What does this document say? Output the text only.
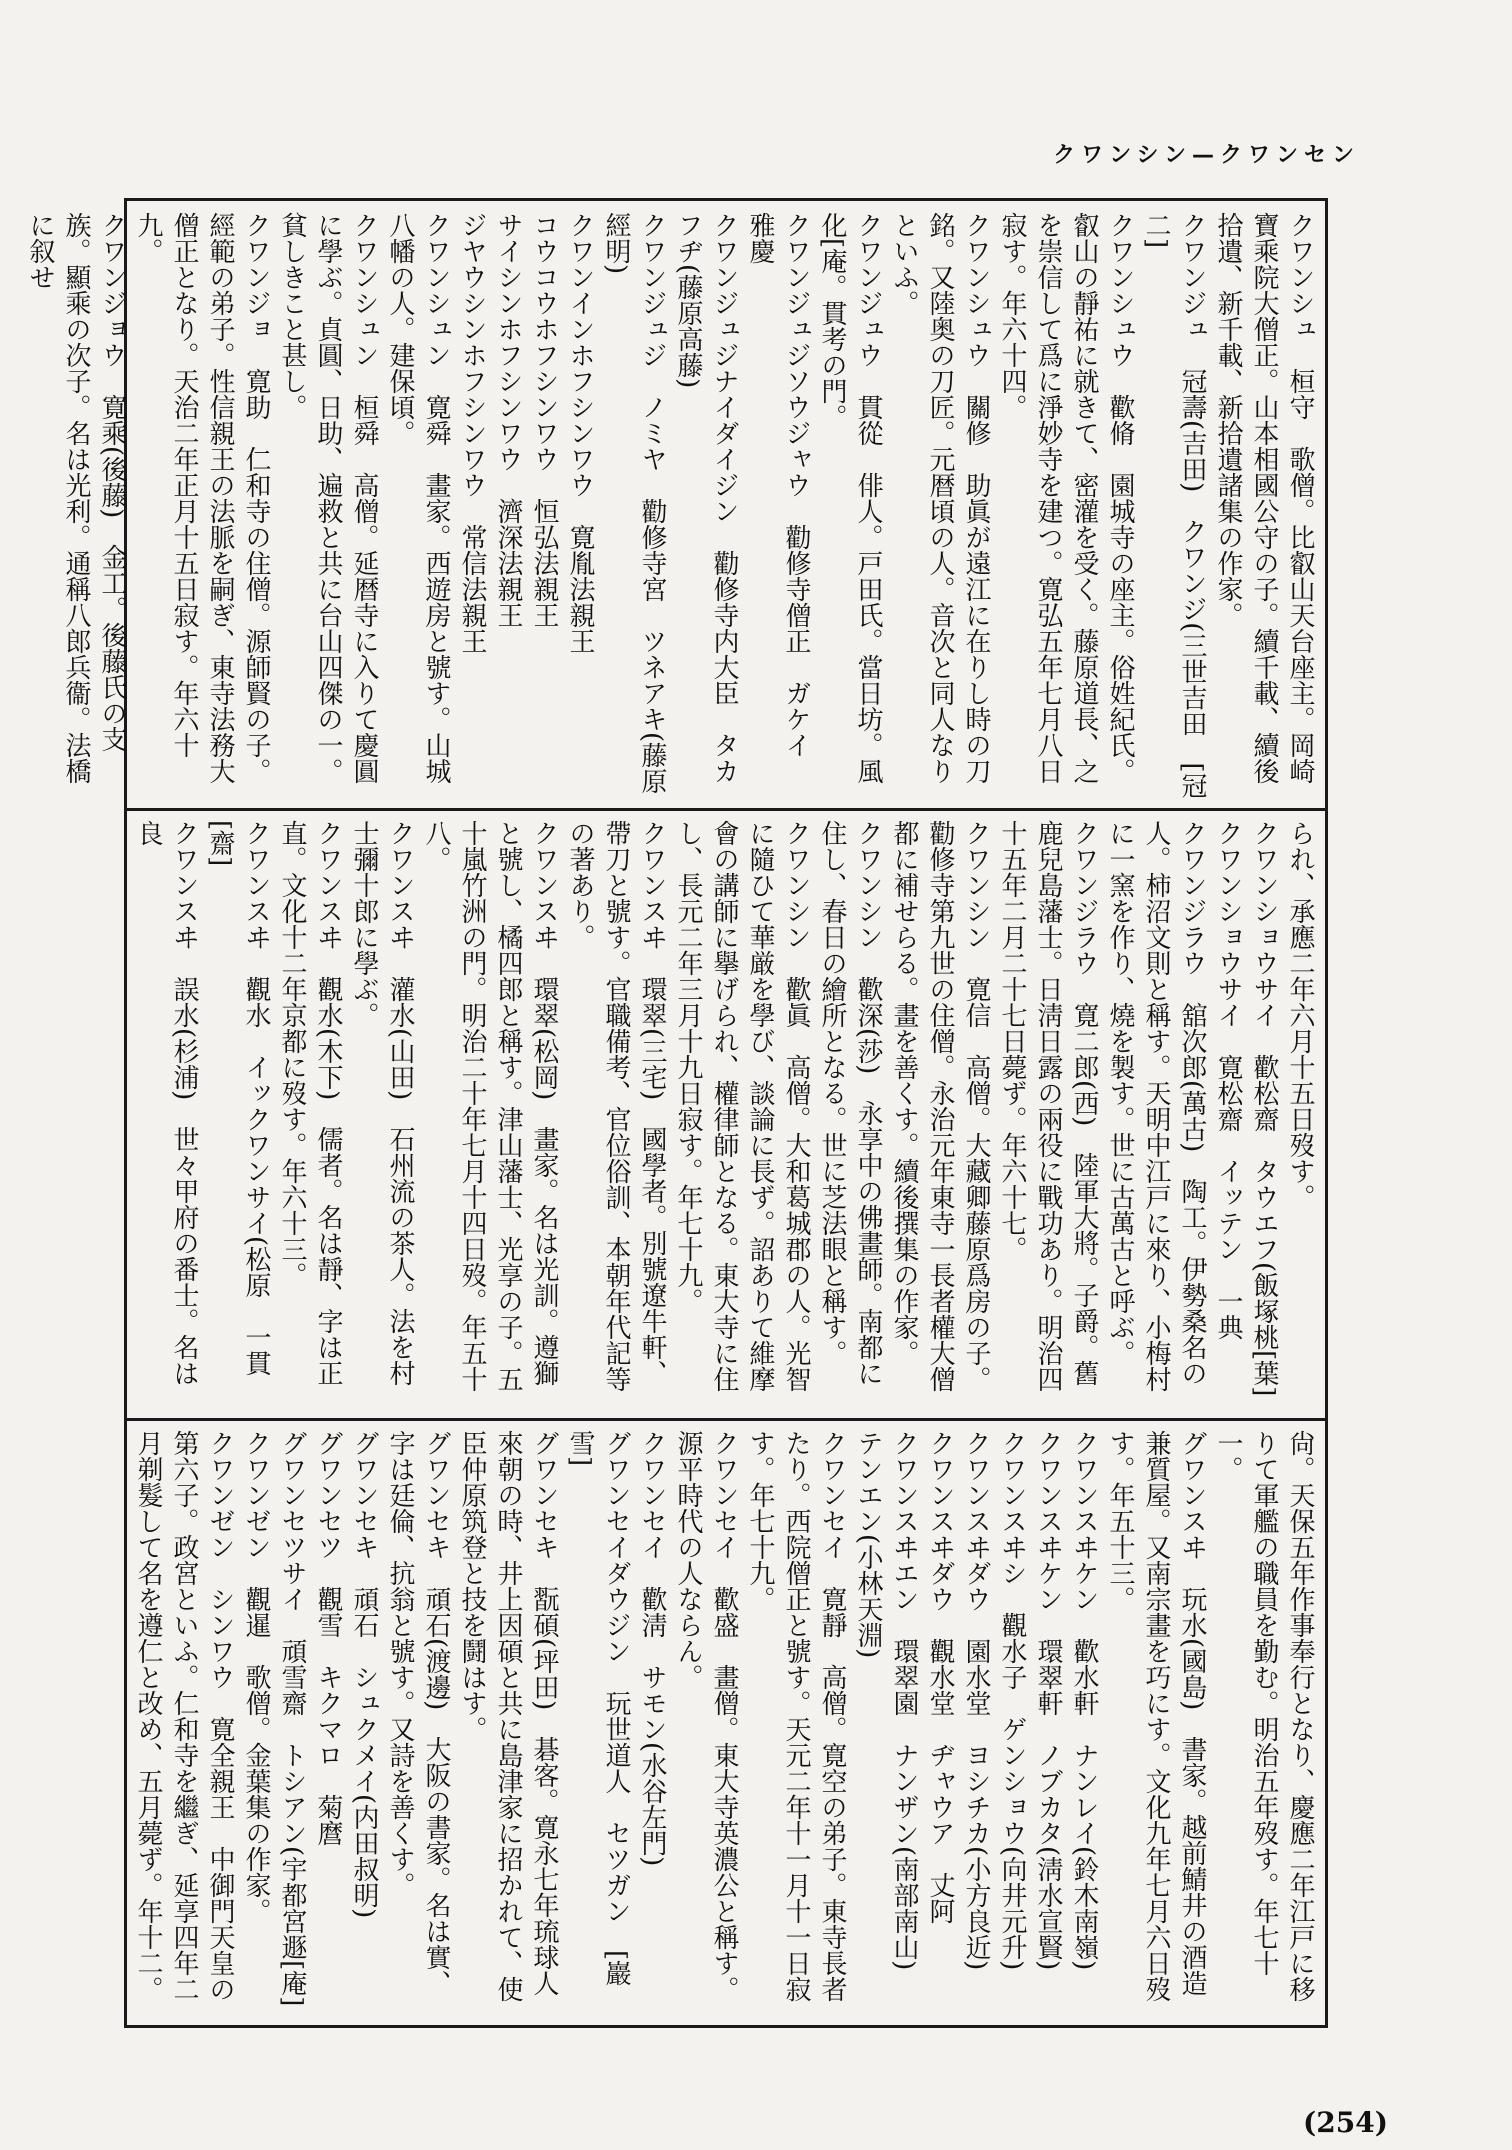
クワンシン—クワンセン

クワンシュ　桓守　歌僧。比叡山天台座主。岡崎寶乘院大僧正。山本相國公守の子。續千載、續後拾遺、新千載、新拾遺諸集の作家。

クワンジュ　冠壽(吉田)　クワンジ(三世吉田　[冠二]

クワンシュウ　歡脩　園城寺の座主。俗姓紀氏。叡山の靜祐に就きて、密灌を受く。藤原道長、之を崇信して爲に淨妙寺を建つ。寛弘五年七月八日寂す。年六十四。

クワンシュウ　關修　助眞が遠江に在りし時の刀銘。又陸奥の刀匠。元暦頃の人。音次と同人なりといふ。

クワンジュウ　貫從　俳人。戸田氏。當日坊。風化[庵。貫考の門。

クワンジュジソウジャウ　勸修寺僧正　ガケイ　雅慶

クワンジュジナイダイジン　勸修寺内大臣　タカフヂ(藤原高藤)

クワンジュジ　ノミヤ　勸修寺宮　ツネアキ(藤原經明)

クワンインホフシンワウ　寛胤法親王

コウコウホフシンワウ　恒弘法親王

サイシンホフシンワウ　濟深法親王

ジヤウシンホフシンワウ　常信法親王

クワンシュン　寛舜　畫家。西遊房と號す。山城八幡の人。建保頃。

クワンシュン　桓舜　高僧。延暦寺に入りて慶圓に學ぶ。貞圓、日助、遍救と共に台山四傑の一。貧しきこと甚し。

クワンジョ　寛助　仁和寺の住僧。源師賢の子。經範の弟子。性信親王の法脈を嗣ぎ、東寺法務大僧正となり。天治二年正月十五日寂す。年六十九。

クワンジョウ　寛乘(後藤)　金工。後藤氏の支族。顯乘の次子。名は光利。通稱八郎兵衞。法橋に叙せ

られ、承應二年六月十五日歿す。

クワンショウサイ　歡松齋　タウエフ(飯塚桃[葉]

クワンショウサイ　寛松齋　イッテン　一典

クワンジラウ　舘次郎(萬古)　陶工。伊勢桑名の人。柿沼文則と稱す。天明中江戸に來り、小梅村に一窯を作り、燒を製す。世に古萬古と呼ぶ。

クワンジラウ　寛二郎(西)　陸軍大將。子爵。舊鹿兒島藩士。日淸日露の兩役に戰功あり。明治四十五年二月二十七日薨ず。年六十七。

クワンシン　寛信　高僧。大藏卿藤原爲房の子。勸修寺第九世の住僧。永治元年東寺一長者權大僧都に補せらる。畫を善くす。續後撰集の作家。

クワンシン　歡深(莎)　永享中の佛畫師。南都に住し、春日の繪所となる。世に芝法眼と稱す。

クワンシン　歡眞　高僧。大和葛城郡の人。光智に隨ひて華厳を學び、談論に長ず。詔ありて維摩會の講師に擧げられ、權律師となる。東大寺に住し、長元二年三月十九日寂す。年七十九。

クワンスヰ　環翠(三宅)　國學者。別號遼牛軒、帶刀と號す。官職備考、官位俗訓、本朝年代記等の著あり。

クワンスヰ　環翠(松岡)　畫家。名は光訓。遵獅と號し、橘四郎と稱す。津山藩士、光享の子。五十嵐竹洲の門。明治二十年七月十四日歿。年五十八。

クワンスヰ　灌水(山田)　石州流の茶人。法を村士彌十郎に學ぶ。

クワンスヰ　觀水(木下)　儒者。名は靜、字は正直。文化十二年京都に歿す。年六十三。

クワンスヰ　觀水　イックワンサイ(松原　一貫[齋]

クワンスヰ　誤水(杉浦)　世々甲府の番士。名は良

尙。天保五年作事奉行となり、慶應二年江戸に移りて軍艦の職員を勤む。明治五年歿す。年七十一。

グワンスヰ　玩水(國島)　書家。越前鯖井の酒造兼質屋。又南宗畫を巧にす。文化九年七月六日歿す。年五十三。

クワンスヰケン　歡水軒　ナンレイ(鈴木南嶺)

クワンスヰケン　環翠軒　ノブカタ(淸水宣賢)

クワンスヰシ　觀水子　ゲンショウ(向井元升)

クワンスヰダウ　園水堂　ヨシチカ(小方良近)

クワンスヰダウ　觀水堂　ヂャウア　丈阿

クワンスヰエン　環翠園　ナンザン(南部南山)

テンエン(小林天淵)

クワンセイ　寛靜　高僧。寛空の弟子。東寺長者たり。西院僧正と號す。天元二年十一月十一日寂す。年七十九。

クワンセイ　歡盛　畫僧。東大寺英濃公と稱す。源平時代の人ならん。

クワンセイ　歡淸　サモン(水谷左門)

グワンセイダウジン　玩世道人　セツガン　[巖雪]

グワンセキ　翫碩(坪田)　碁客。寛永七年琉球人來朝の時、井上因碩と共に島津家に招かれて、使臣仲原筑登と技を鬪はす。

グワンセキ　頑石(渡邊)　大阪の書家。名は實、字は廷倫、抗翁と號す。又詩を善くす。

グワンセキ　頑石　シュクメイ(内田叔明)

グワンセツ　觀雪　キクマロ　菊麿

グワンセツサイ　頑雪齋　トシアン(宇都宮遯[庵]

クワンゼン　觀暹　歌僧。金葉集の作家。

クワンゼン　シンワウ　寛全親王　中御門天皇の第六子。政宮といふ。仁和寺を繼ぎ、延享四年二月剃髮して名を遵仁と改め、五月薨ず。年十二。

(254)
